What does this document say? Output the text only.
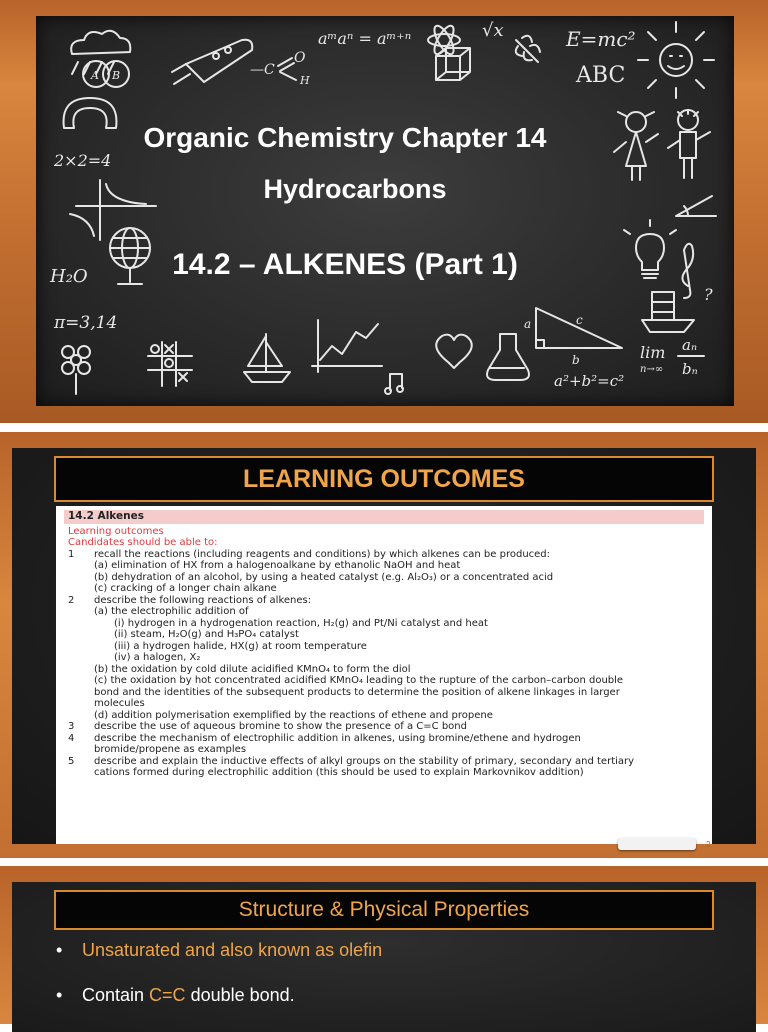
A B	—C
O
H
aᵐaⁿ = aᵐ⁺ⁿ	√x	E=mc²
ABC
2×2=4
H₂O
π=3,14	a	c
b
a²+b²=c²
lim
n→∞
aₙ
bₙ
?
Organic Chemistry Chapter 14
Hydrocarbons
14.2 – ALKENES (Part 1)
LEARNING OUTCOMES
14.2 Alkenes
Learning outcomes
Candidates should be able to:
1 recall the reactions (including reagents and conditions) by which alkenes can be produced:
(a) elimination of HX from a halogenoalkane by ethanolic NaOH and heat
(b) dehydration of an alcohol, by using a heated catalyst (e.g. Al₂O₃) or a concentrated acid
(c) cracking of a longer chain alkane
2 describe the following reactions of alkenes:
(a) the electrophilic addition of
(i) hydrogen in a hydrogenation reaction, H₂(g) and Pt/Ni catalyst and heat
(ii) steam, H₂O(g) and H₃PO₄ catalyst
(iii) a hydrogen halide, HX(g) at room temperature
(iv) a halogen, X₂
(b) the oxidation by cold dilute acidified KMnO₄ to form the diol
(c) the oxidation by hot concentrated acidified KMnO₄ leading to the rupture of the carbon–carbon double
bond and the identities of the subsequent products to determine the position of alkene linkages in larger
molecules
(d) addition polymerisation exemplified by the reactions of ethene and propene
3 describe the use of aqueous bromine to show the presence of a C=C bond
4 describe the mechanism of electrophilic addition in alkenes, using bromine/ethene and hydrogen
bromide/propene as examples
5 describe and explain the inductive effects of alkyl groups on the stability of primary, secondary and tertiary
cations formed during electrophilic addition (this should be used to explain Markovnikov addition)
2
Structure & Physical Properties
• Unsaturated and also known as olefin
• Contain C=C double bond.
